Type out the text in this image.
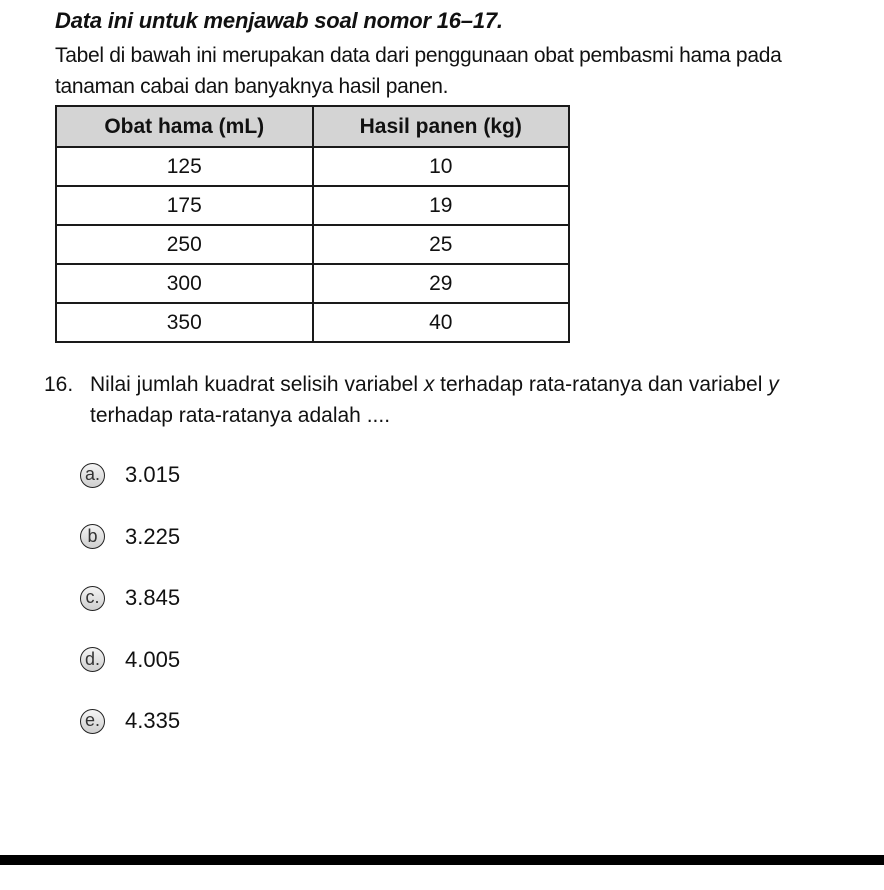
Data ini untuk menjawab soal nomor 16–17.
Tabel di bawah ini merupakan data dari penggunaan obat pembasmi hama pada tanaman cabai dan banyaknya hasil panen.
Obat hama (mL)	Hasil panen (kg)
125	10
175	19
250	25
300	29
350	40
16. Nilai jumlah kuadrat selisih variabel x terhadap rata-ratanya dan variabel y terhadap rata-ratanya adalah ....
a. 3.015
b	3.225
c. 3.845
d. 4.005
e. 4.335
